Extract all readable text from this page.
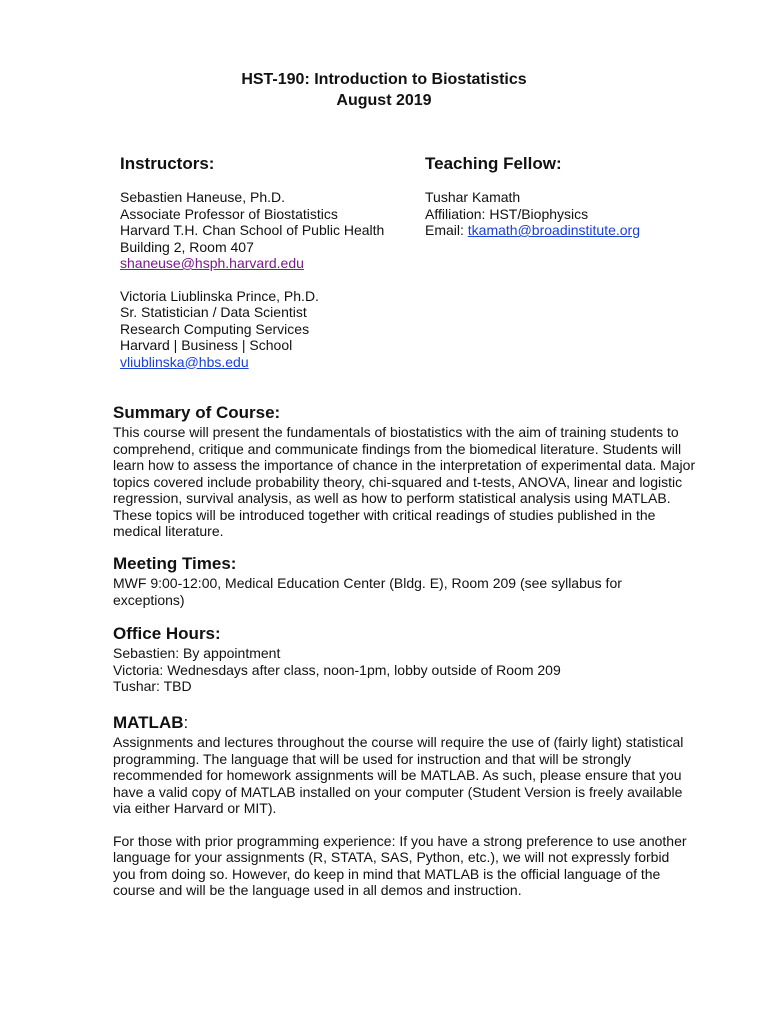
HST-190: Introduction to Biostatistics
August 2019
Instructors:
Sebastien Haneuse, Ph.D.
Associate Professor of Biostatistics
Harvard T.H. Chan School of Public Health
Building 2, Room 407
shaneuse@hsph.harvard.edu
Victoria Liublinska Prince, Ph.D.
Sr. Statistician / Data Scientist
Research Computing Services
Harvard | Business | School
vliublinska@hbs.edu
Teaching Fellow:
Tushar Kamath
Affiliation: HST/Biophysics
Email: tkamath@broadinstitute.org
Summary of Course:

This course will present the fundamentals of biostatistics with the aim of training students to
comprehend, critique and communicate findings from the biomedical literature. Students will
learn how to assess the importance of chance in the interpretation of experimental data. Major
topics covered include probability theory, chi-squared and t-tests, ANOVA, linear and logistic
regression, survival analysis, as well as how to perform statistical analysis using MATLAB.
These topics will be introduced together with critical readings of studies published in the
medical literature.

Meeting Times:

MWF 9:00-12:00, Medical Education Center (Bldg. E), Room 209 (see syllabus for
exceptions)

Office Hours:

Sebastien: By appointment
Victoria: Wednesdays after class, noon-1pm, lobby outside of Room 209
Tushar: TBD

MATLAB:

Assignments and lectures throughout the course will require the use of (fairly light) statistical
programming. The language that will be used for instruction and that will be strongly
recommended for homework assignments will be MATLAB. As such, please ensure that you
have a valid copy of MATLAB installed on your computer (Student Version is freely available
via either Harvard or MIT).

For those with prior programming experience: If you have a strong preference to use another
language for your assignments (R, STATA, SAS, Python, etc.), we will not expressly forbid
you from doing so. However, do keep in mind that MATLAB is the official language of the
course and will be the language used in all demos and instruction.
